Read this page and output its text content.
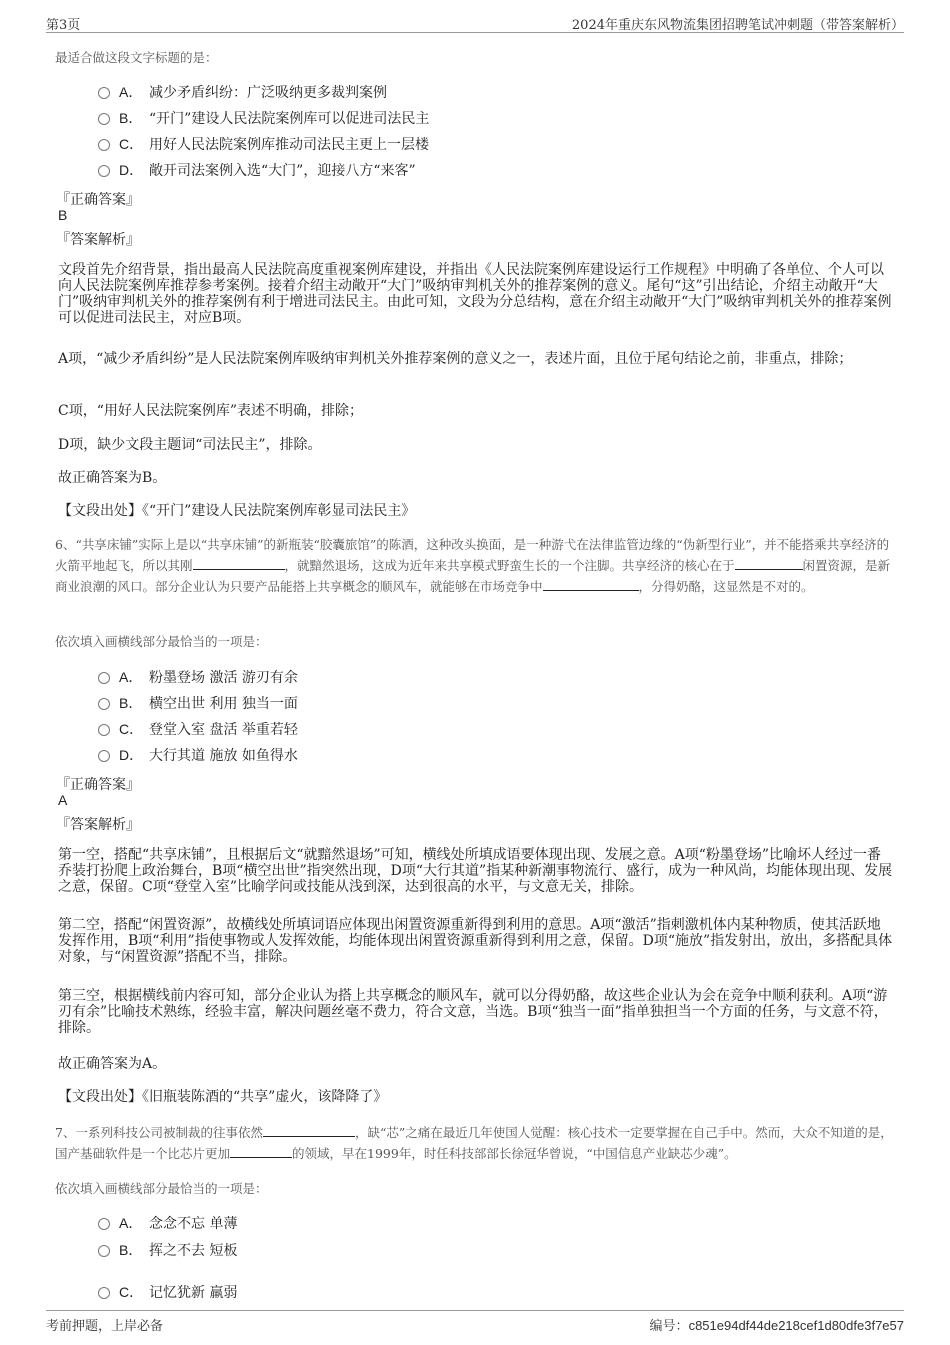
第3页	2024年重庆东风物流集团招聘笔试冲刺题（带答案解析）
最适合做这段文字标题的是：
A． 减少矛盾纠纷：广泛吸纳更多裁判案例
B． “开门”建设人民法院案例库可以促进司法民主
C． 用好人民法院案例库推动司法民主更上一层楼
D． 敞开司法案例入选“大门”，迎接八方“来客”
『正确答案』
B
『答案解析』
文段首先介绍背景，指出最高人民法院高度重视案例库建设，并指出《人民法院案例库建设运行工作规程》中明确了各单位、个人可以向人民法院案例库推荐参考案例。接着介绍主动敞开“大门”吸纳审判机关外的推荐案例的意义。尾句“这”引出结论，介绍主动敞开“大门”吸纳审判机关外的推荐案例有利于增进司法民主。由此可知，文段为分总结构，意在介绍主动敞开“大门”吸纳审判机关外的推荐案例可以促进司法民主，对应B项。
A项，“减少矛盾纠纷”是人民法院案例库吸纳审判机关外推荐案例的意义之一，表述片面，且位于尾句结论之前，非重点，排除；
C项，“用好人民法院案例库”表述不明确，排除；
D项，缺少文段主题词“司法民主”，排除。
故正确答案为B。
【文段出处】《“开门”建设人民法院案例库彰显司法民主》
6、“共享床铺”实际上是以“共享床铺”的新瓶装“胶囊旅馆”的陈酒，这种改头换面，是一种游弋在法律监管边缘的“伪新型行业”，并不能搭乘共享经济的火箭平地起飞，所以其刚	，就黯然退场，这成为近年来共享模式野蛮生长的一个注脚。共享经济的核心在于	闲置资源，是新商业浪潮的风口。部分企业认为只要产品能搭上共享概念的顺风车，就能够在市场竞争中	，分得奶酪，这显然是不对的。
依次填入画横线部分最恰当的一项是：
A． 粉墨登场 激活 游刃有余
B． 横空出世 利用 独当一面
C． 登堂入室 盘活 举重若轻
D． 大行其道 施放 如鱼得水
『正确答案』
A
『答案解析』
第一空，搭配“共享床铺”，且根据后文“就黯然退场”可知，横线处所填成语要体现出现、发展之意。A项“粉墨登场”比喻坏人经过一番乔装打扮爬上政治舞台，B项“横空出世”指突然出现，D项“大行其道”指某种新潮事物流行、盛行，成为一种风尚，均能体现出现、发展之意，保留。C项“登堂入室”比喻学问或技能从浅到深，达到很高的水平，与文意无关，排除。
第二空，搭配“闲置资源”，故横线处所填词语应体现出闲置资源重新得到利用的意思。A项“激活”指刺激机体内某种物质，使其活跃地发挥作用，B项“利用”指使事物或人发挥效能，均能体现出闲置资源重新得到利用之意，保留。D项“施放”指发射出，放出，多搭配具体对象，与“闲置资源”搭配不当，排除。
第三空，根据横线前内容可知，部分企业认为搭上共享概念的顺风车，就可以分得奶酪，故这些企业认为会在竞争中顺利获利。A项“游刃有余”比喻技术熟练，经验丰富，解决问题丝毫不费力，符合文意，当选。B项“独当一面”指单独担当一个方面的任务，与文意不符，排除。
故正确答案为A。
【文段出处】《旧瓶装陈酒的“共享”虚火，该降降了》
7、一系列科技公司被制裁的往事依然	，缺“芯”之痛在最近几年使国人觉醒：核心技术一定要掌握在自己手中。然而，大众不知道的是，国产基础软件是一个比芯片更加	的领域，早在1999年，时任科技部部长徐冠华曾说，“中国信息产业缺芯少魂”。
依次填入画横线部分最恰当的一项是：
A． 念念不忘 单薄
B． 挥之不去 短板
C． 记忆犹新 羸弱
考前押题，上岸必备	编号：c851e94df44de218cef1d80dfe3f7e57
